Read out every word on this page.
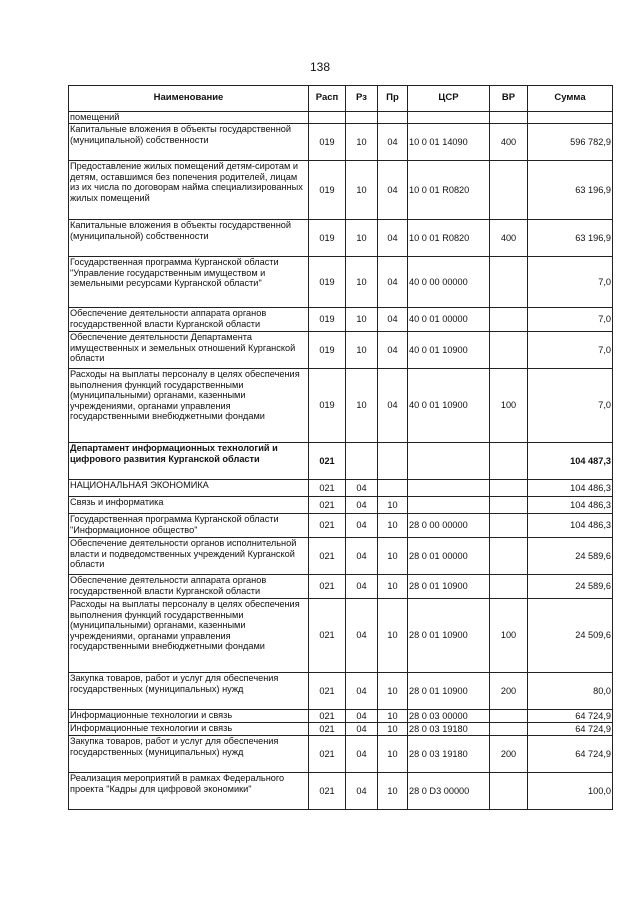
138
Наименование	Расп	Рз	Пр	ЦСР	ВР	Сумма
помещений						
Капитальные вложения в объекты государственной (муниципальной) собственности	019	10	04	10 0 01 14090	400	596 782,9
Предоставление жилых помещений детям-сиротам и детям, оставшимся без попечения родителей, лицам из их числа по договорам найма специализированных жилых помещений	019	10	04	10 0 01 R0820		63 196,9
Капитальные вложения в объекты государственной (муниципальной) собственности	019	10	04	10 0 01 R0820	400	63 196,9
Государственная программа Курганской области "Управление государственным имуществом и земельными ресурсами Курганской области"	019	10	04	40 0 00 00000		7,0
Обеспечение деятельности аппарата органов государственной власти Курганской области	019	10	04	40 0 01 00000		7,0
Обеспечение деятельности Департамента имущественных и земельных отношений Курганской области	019	10	04	40 0 01 10900		7,0
Расходы на выплаты персоналу в целях обеспечения выполнения функций государственными (муниципальными) органами, казенными учреждениями, органами управления государственными внебюджетными фондами	019	10	04	40 0 01 10900	100	7,0
Департамент информационных технологий и цифрового развития Курганской области	021					104 487,3
НАЦИОНАЛЬНАЯ ЭКОНОМИКА	021	04				104 486,3
Связь и информатика	021	04	10			104 486,3
Государственная программа Курганской области "Информационное общество"	021	04	10	28 0 00 00000		104 486,3
Обеспечение деятельности органов исполнительной власти и подведомственных учреждений Курганской области	021	04	10	28 0 01 00000		24 589,6
Обеспечение деятельности аппарата органов государственной власти Курганской области	021	04	10	28 0 01 10900		24 589,6
Расходы на выплаты персоналу в целях обеспечения выполнения функций государственными (муниципальными) органами, казенными учреждениями, органами управления государственными внебюджетными фондами	021	04	10	28 0 01 10900	100	24 509,6
Закупка товаров, работ и услуг для обеспечения государственных (муниципальных) нужд	021	04	10	28 0 01 10900	200	80,0
Информационные технологии и связь	021	04	10	28 0 03 00000		64 724,9
Информационные технологии и связь	021	04	10	28 0 03 19180		64 724,9
Закупка товаров, работ и услуг для обеспечения государственных (муниципальных) нужд	021	04	10	28 0 03 19180	200	64 724,9
Реализация мероприятий в рамках Федерального проекта "Кадры для цифровой экономики"	021	04	10	28 0 D3 00000		100,0
